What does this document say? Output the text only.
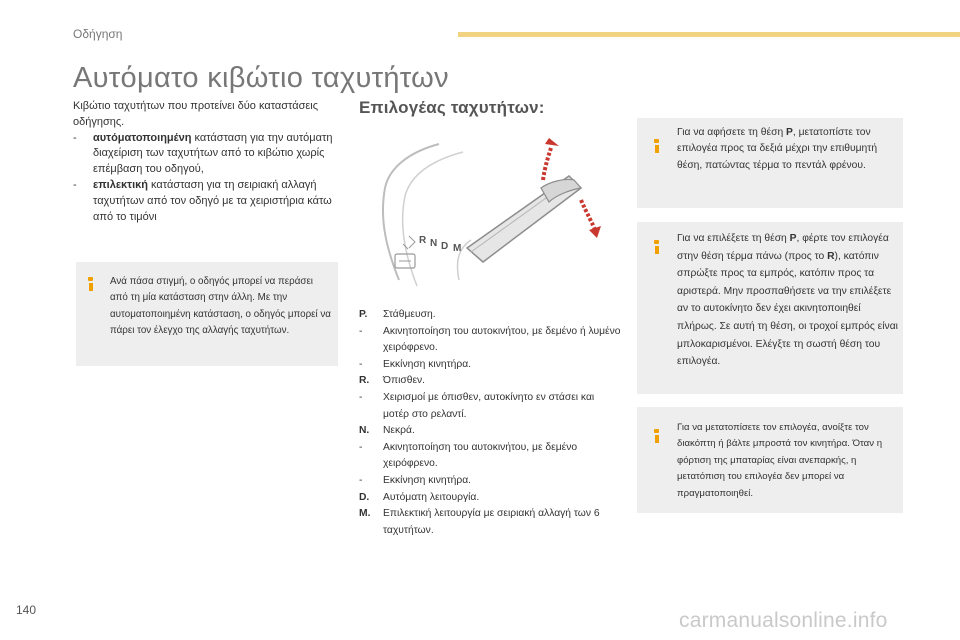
Οδήγηση
Αυτόματο κιβώτιο ταχυτήτων

Κιβώτιο ταχυτήτων που προτείνει δύο καταστάσεις οδήγησης.

-	αυτόματοποιημένη κατάσταση για την αυτόματη διαχείριση των ταχυτήτων από το κιβώτιο χωρίς επέμβαση του οδηγού,
-	επιλεκτική κατάσταση για τη σειριακή αλλαγή ταχυτήτων από τον οδηγό με τα χειριστήρια κάτω από το τιμόνι
Ανά πάσα στιγμή, ο οδηγός μπορεί να περάσει από τη μία κατάσταση στην άλλη. Με την αυτοματοποιημένη κατάσταση, ο οδηγός μπορεί να πάρει τον έλεγχο της αλλαγής ταχυτήτων.
Επιλογέας ταχυτήτων:
R N D M
P.	Στάθμευση.
-	Ακινητοποίηση του αυτοκινήτου, με δεμένο ή λυμένο χειρόφρενο.
-	Εκκίνηση κινητήρα.
R.	Όπισθεν.
-	Χειρισμοί με όπισθεν, αυτοκίνητο εν στάσει και μοτέρ στο ρελαντί.
N.	Νεκρά.
-	Ακινητοποίηση του αυτοκινήτου, με δεμένο χειρόφρενο.
-	Εκκίνηση κινητήρα.
D.	Αυτόματη λειτουργία.
M.	Επιλεκτική λειτουργία με σειριακή αλλαγή των 6 ταχυτήτων.
Για να αφήσετε τη θέση P, μετατοπίστε τον επιλογέα προς τα δεξιά μέχρι την επιθυμητή θέση, πατώντας τέρμα το πεντάλ φρένου.
Για να επιλέξετε τη θέση P, φέρτε τον επιλογέα στην θέση τέρμα πάνω (προς το R), κατόπιν σπρώξτε προς τα εμπρός, κατόπιν προς τα αριστερά. Μην προσπαθήσετε να την επιλέξετε αν το αυτοκίνητο δεν έχει ακινητοποιηθεί πλήρως. Σε αυτή τη θέση, οι τροχοί εμπρός είναι μπλοκαρισμένοι. Ελέγξτε τη σωστή θέση του επιλογέα.
Για να μετατοπίσετε τον επιλογέα, ανοίξτε τον διακόπτη ή βάλτε μπροστά τον κινητήρα. Όταν η φόρτιση της μπαταρίας είναι ανεπαρκής, η μετατόπιση του επιλογέα δεν μπορεί να πραγματοποιηθεί.
140	carmanualsonline.info
